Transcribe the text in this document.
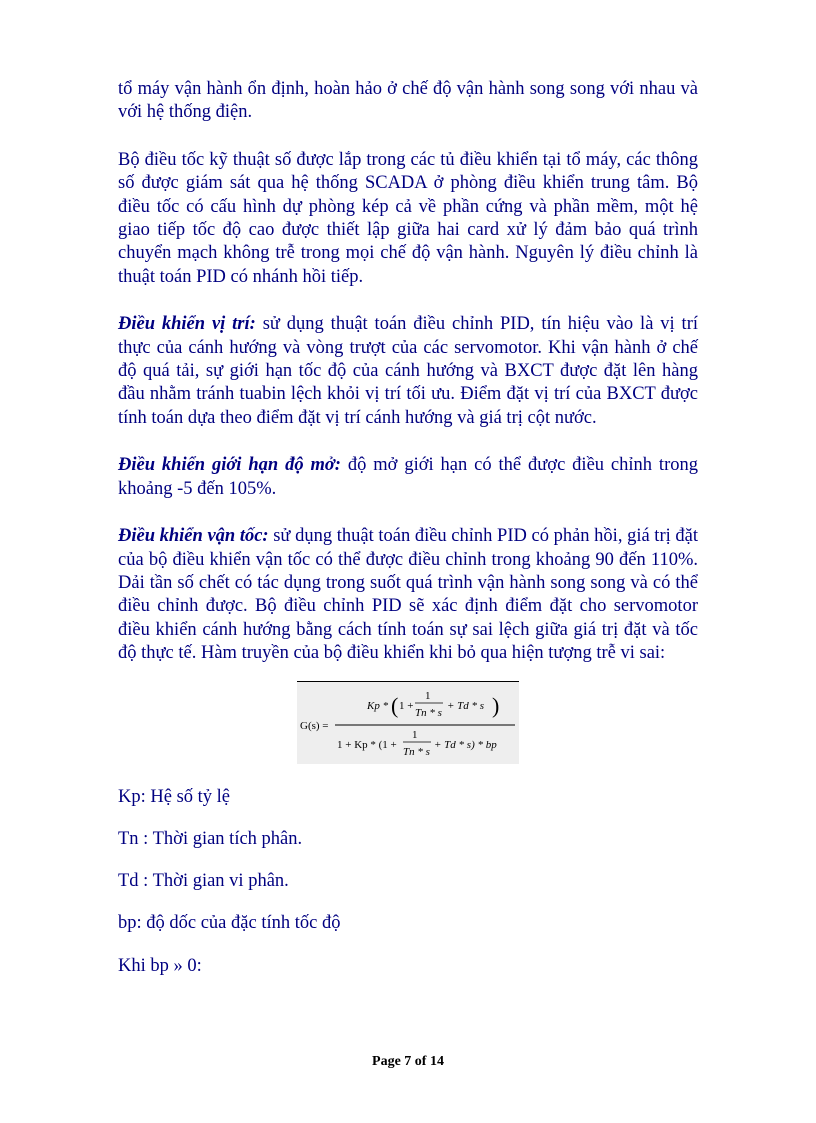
tổ máy vận hành ổn định, hoàn hảo ở chế độ vận hành song song với nhau và với hệ thống điện.

Bộ điều tốc kỹ thuật số được lắp trong các tủ điều khiển tại tổ máy, các thông số được giám sát qua hệ thống SCADA ở phòng điều khiển trung tâm. Bộ điều tốc có cấu hình dự phòng kép cả về phần cứng và phần mềm, một hệ giao tiếp tốc độ cao được thiết lập giữa hai card xử lý đảm bảo quá trình chuyển mạch không trễ trong mọi chế độ vận hành. Nguyên lý điều chỉnh là thuật toán PID có nhánh hồi tiếp.

Điều khiển vị trí: sử dụng thuật toán điều chỉnh PID, tín hiệu vào là vị trí thực của cánh hướng và vòng trượt của các servomotor. Khi vận hành ở chế độ quá tải, sự giới hạn tốc độ của cánh hướng và BXCT được đặt lên hàng đầu nhằm tránh tuabin lệch khỏi vị trí tối ưu. Điểm đặt vị trí của BXCT được tính toán dựa theo điểm đặt vị trí cánh hướng và giá trị cột nước.

Điều khiển giới hạn độ mở: độ mở giới hạn có thể được điều chỉnh trong khoảng -5 đến 105%.

Điều khiển vận tốc: sử dụng thuật toán điều chỉnh PID có phản hồi, giá trị đặt của bộ điều khiển vận tốc có thể được điều chỉnh trong khoảng 90 đến 110%. Dải tần số chết có tác dụng trong suốt quá trình vận hành song song và có thể điều chỉnh được. Bộ điều chỉnh PID sẽ xác định điểm đặt cho servomotor điều khiển cánh hướng bằng cách tính toán sự sai lệch giữa giá trị đặt và tốc độ thực tế. Hàm truyền của bộ điều khiển khi bỏ qua hiện tượng trễ vi sai:

G(s) =
Kp * ( 1 +
1
Tn * s
+ Td * s )
1 + Kp * (1 +
1
Tn * s
+ Td * s) * bp

Kp: Hệ số tỷ lệ

Tn : Thời gian tích phân.

Td : Thời gian vi phân.

bp: độ dốc của đặc tính tốc độ

Khi bp » 0:

Page 7 of 14
